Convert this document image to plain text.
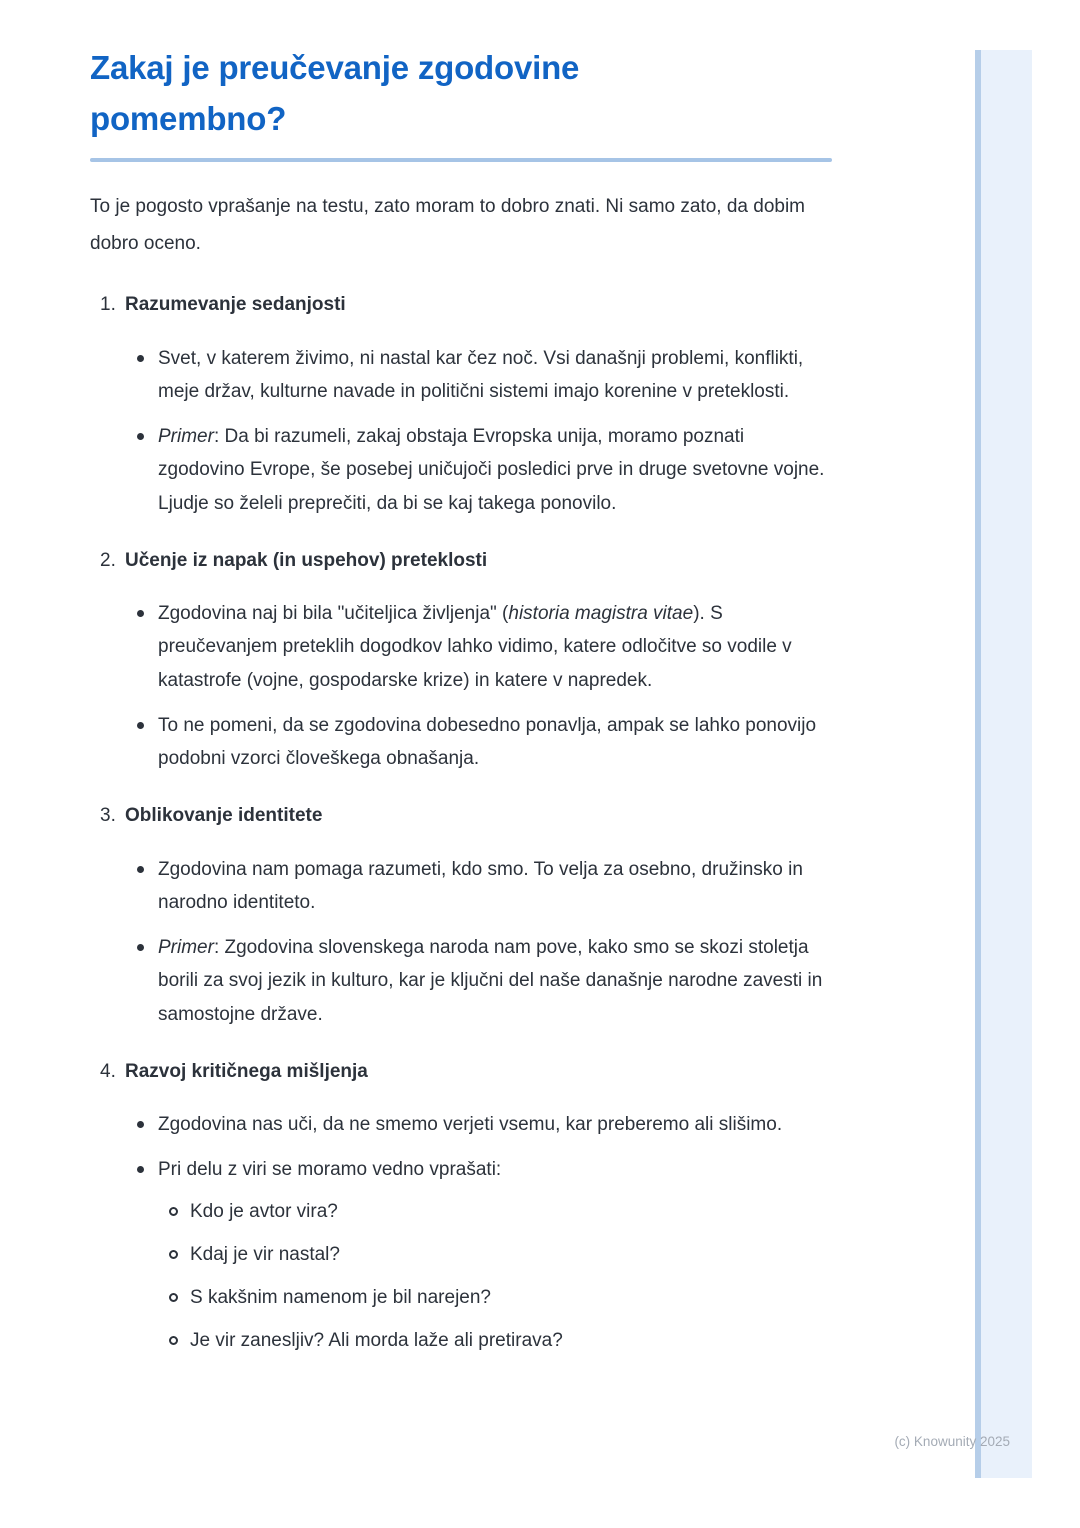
Zakaj je preučevanje zgodovine pomembno?

To je pogosto vprašanje na testu, zato moram to dobro znati. Ni samo zato, da dobim dobro oceno.

1. Razumevanje sedanjosti
Svet, v katerem živimo, ni nastal kar čez noč. Vsi današnji problemi, konflikti, meje držav, kulturne navade in politični sistemi imajo korenine v preteklosti.
Primer: Da bi razumeli, zakaj obstaja Evropska unija, moramo poznati zgodovino Evrope, še posebej uničujoči posledici prve in druge svetovne vojne. Ljudje so želeli preprečiti, da bi se kaj takega ponovilo.
2. Učenje iz napak (in uspehov) preteklosti
Zgodovina naj bi bila "učiteljica življenja" (historia magistra vitae). S preučevanjem preteklih dogodkov lahko vidimo, katere odločitve so vodile v katastrofe (vojne, gospodarske krize) in katere v napredek.
To ne pomeni, da se zgodovina dobesedno ponavlja, ampak se lahko ponovijo podobni vzorci človeškega obnašanja.
3. Oblikovanje identitete
Zgodovina nam pomaga razumeti, kdo smo. To velja za osebno, družinsko in narodno identiteto.
Primer: Zgodovina slovenskega naroda nam pove, kako smo se skozi stoletja borili za svoj jezik in kulturo, kar je ključni del naše današnje narodne zavesti in samostojne države.
4. Razvoj kritičnega mišljenja
Zgodovina nas uči, da ne smemo verjeti vsemu, kar preberemo ali slišimo.
Pri delu z viri se moramo vedno vprašati:
Kdo je avtor vira?
Kdaj je vir nastal?
S kakšnim namenom je bil narejen?
Je vir zanesljiv? Ali morda laže ali pretirava?
(c) Knowunity 2025
